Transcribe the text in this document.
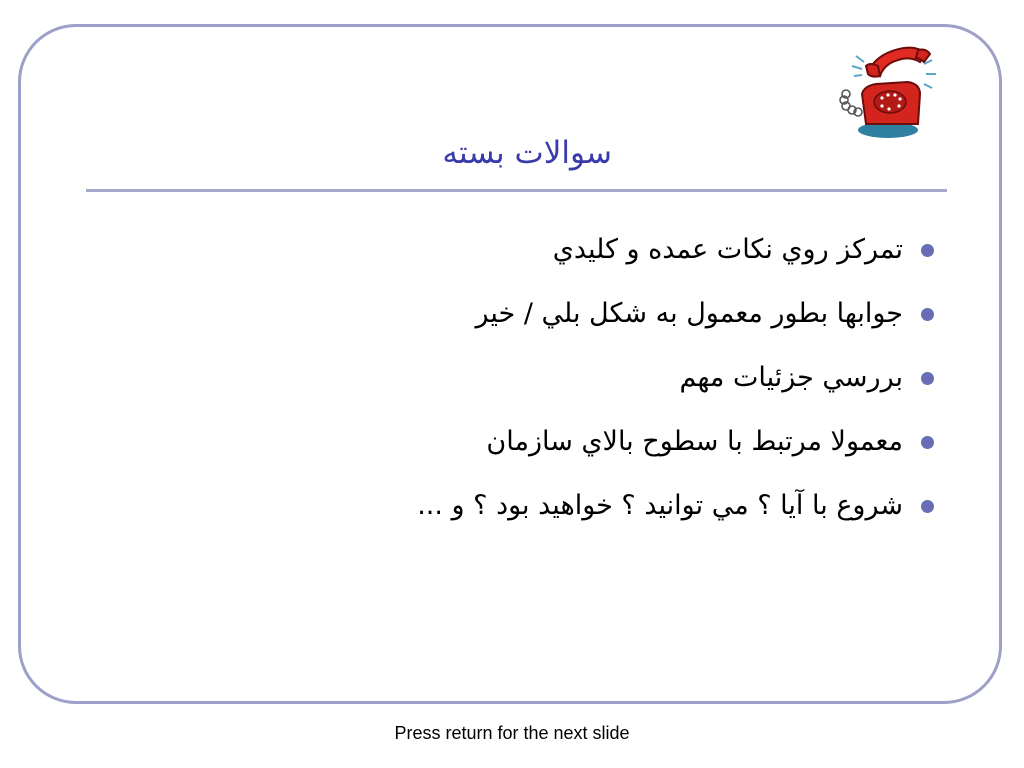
سوالات بسته
تمركز روي نكات عمده و كليدي
جوابها بطور معمول به شكل بلي / خير
بررسي جزئيات مهم
معمولا مرتبط با سطوح بالاي سازمان
شروع با آيا ؟ مي توانيد ؟ خواهيد بود ؟ و ...
Press return for the next slide
